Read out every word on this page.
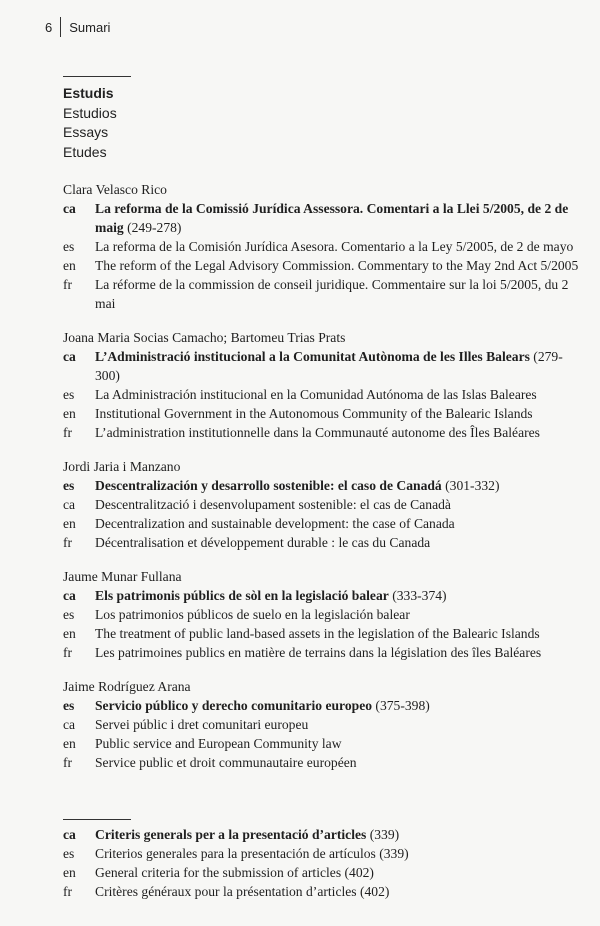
6 Sumari
Estudis
Estudios
Essays
Etudes
Clara Velasco Rico
ca	La reforma de la Comissió Jurídica Assessora. Comentari a la Llei 5/2005, de 2 de maig (249-278)
es	La reforma de la Comisión Jurídica Asesora. Comentario a la Ley 5/2005, de 2 de mayo
en	The reform of the Legal Advisory Commission. Commentary to the May 2nd Act 5/2005
fr	La réforme de la commission de conseil juridique. Commentaire sur la loi 5/2005, du 2 mai
Joana Maria Socias Camacho; Bartomeu Trias Prats
ca	L’Administració institucional a la Comunitat Autònoma de les Illes Balears (279-300)
es	La Administración institucional en la Comunidad Autónoma de las Islas Baleares
en	Institutional Government in the Autonomous Community of the Balearic Islands
fr	L’administration institutionnelle dans la Communauté autonome des Îles Baléares
Jordi Jaria i Manzano
es	Descentralización y desarrollo sostenible: el caso de Canadá (301-332)
ca	Descentralització i desenvolupament sostenible: el cas de Canadà
en	Decentralization and sustainable development: the case of Canada
fr	Décentralisation et développement durable : le cas du Canada
Jaume Munar Fullana
ca	Els patrimonis públics de sòl en la legislació balear (333-374)
es	Los patrimonios públicos de suelo en la legislación balear
en	The treatment of public land-based assets in the legislation of the Balearic Islands
fr	Les patrimoines publics en matière de terrains dans la législation des îles Baléares
Jaime Rodríguez Arana
es	Servicio público y derecho comunitario europeo (375-398)
ca	Servei públic i dret comunitari europeu
en	Public service and European Community law
fr	Service public et droit communautaire européen
ca	Criteris generals per a la presentació d’articles (339)
es	Criterios generales para la presentación de artículos (339)
en	General criteria for the submission of articles (402)
fr	Critères généraux pour la présentation d’articles (402)
